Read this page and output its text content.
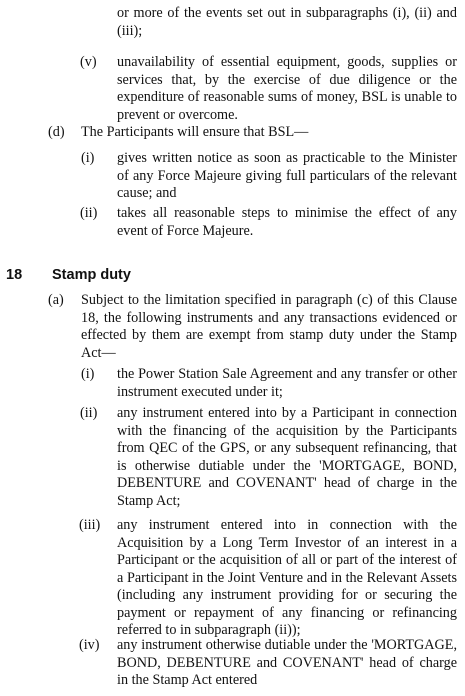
or more of the events set out in subparagraphs (i), (ii) and (iii);
(v) unavailability of essential equipment, goods, supplies or services that, by the exercise of due diligence or the expenditure of reasonable sums of money, BSL is unable to prevent or overcome.
(d) The Participants will ensure that BSL—
(i) gives written notice as soon as practicable to the Minister of any Force Majeure giving full particulars of the relevant cause; and
(ii) takes all reasonable steps to minimise the effect of any event of Force Majeure.
18 Stamp duty
(a) Subject to the limitation specified in paragraph (c) of this Clause 18, the following instruments and any transactions evidenced or effected by them are exempt from stamp duty under the Stamp Act—
(i) the Power Station Sale Agreement and any transfer or other instrument executed under it;
(ii) any instrument entered into by a Participant in connection with the financing of the acquisition by the Participants from QEC of the GPS, or any subsequent refinancing, that is otherwise dutiable under the 'MORTGAGE, BOND, DEBENTURE and COVENANT' head of charge in the Stamp Act;
(iii) any instrument entered into in connection with the Acquisition by a Long Term Investor of an interest in a Participant or the acquisition of all or part of the interest of a Participant in the Joint Venture and in the Relevant Assets (including any instrument providing for or securing the payment or repayment of any financing or refinancing referred to in subparagraph (ii));
(iv) any instrument otherwise dutiable under the 'MORTGAGE, BOND, DEBENTURE and COVENANT' head of charge in the Stamp Act entered
